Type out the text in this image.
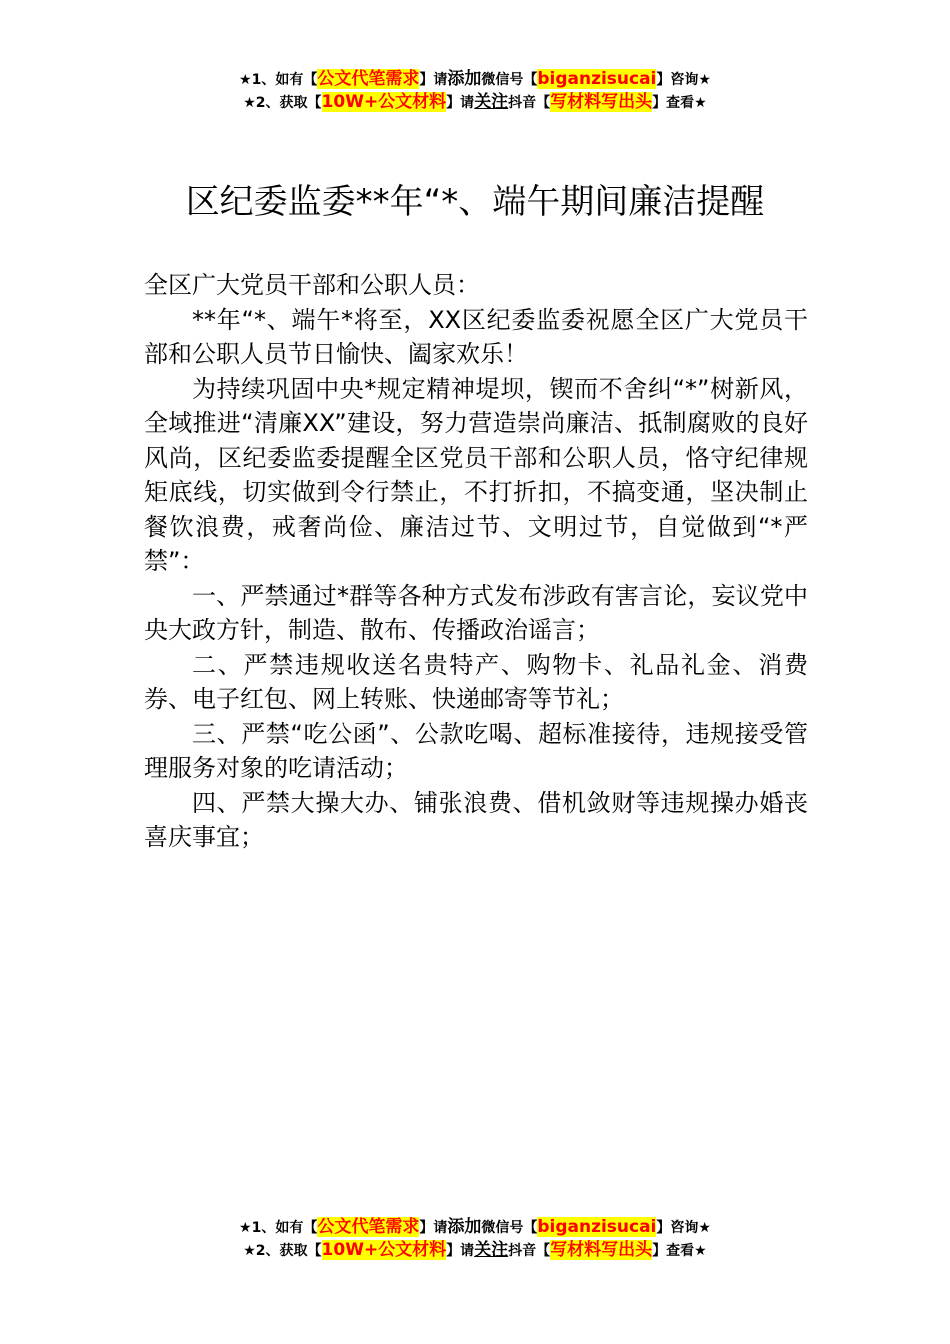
★1、如有【公文代笔需求】请添加微信号【biganzisucai】咨询★
★2、获取【10W+公文材料】请关注抖音【写材料写出头】查看★
区纪委监委**年“*、端午期间廉洁提醒

全区广大党员干部和公职人员：

**年“*、端午*将至，XX区纪委监委祝愿全区广大党员干部和公职人员节日愉快、阖家欢乐！

为持续巩固中央*规定精神堤坝，锲而不舍纠“*”树新风，全域推进“清廉XX”建设，努力营造崇尚廉洁、抵制腐败的良好风尚，区纪委监委提醒全区党员干部和公职人员，恪守纪律规矩底线，切实做到令行禁止，不打折扣，不搞变通，坚决制止餐饮浪费，戒奢尚俭、廉洁过节、文明过节，自觉做到“*严禁”：

一、严禁通过*群等各种方式发布涉政有害言论，妄议党中央大政方针，制造、散布、传播政治谣言；

二、严禁违规收送名贵特产、购物卡、礼品礼金、消费券、电子红包、网上转账、快递邮寄等节礼；

三、严禁“吃公函”、公款吃喝、超标准接待，违规接受管理服务对象的吃请活动；

四、严禁大操大办、铺张浪费、借机敛财等违规操办婚丧喜庆事宜；

★1、如有【公文代笔需求】请添加微信号【biganzisucai】咨询★
★2、获取【10W+公文材料】请关注抖音【写材料写出头】查看★
